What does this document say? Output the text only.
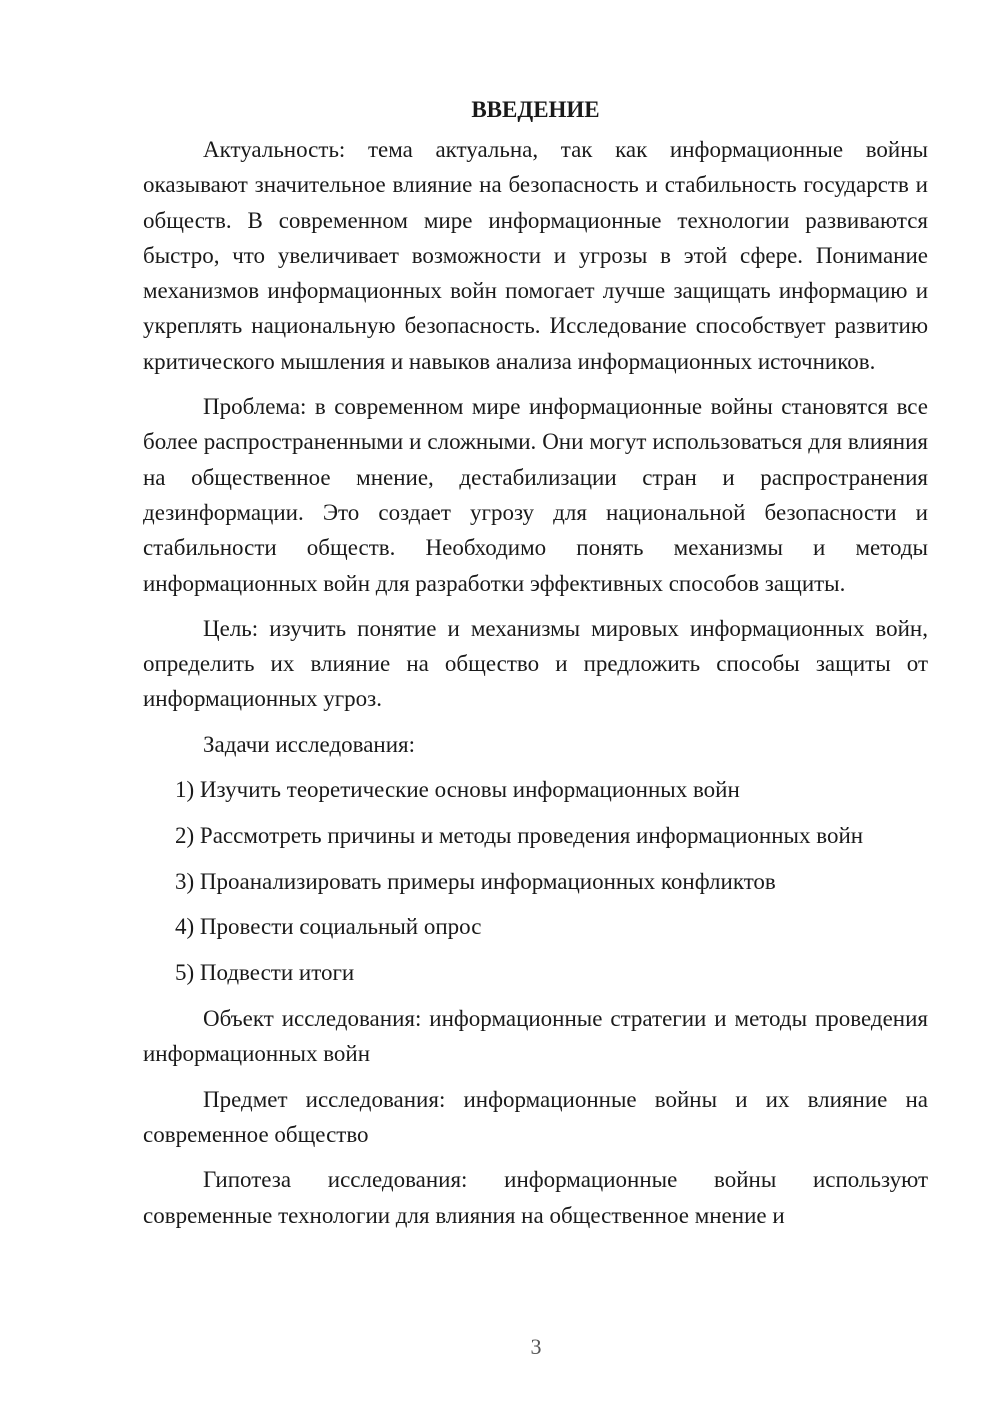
ВВЕДЕНИЕ

Актуальность: тема актуальна, так как информационные войны оказывают значительное влияние на безопасность и стабильность государств и обществ. В современном мире информационные технологии развиваются быстро, что увеличивает возможности и угрозы в этой сфере. Понимание механизмов информационных войн помогает лучше защищать информацию и укреплять национальную безопасность. Исследование способствует развитию критического мышления и навыков анализа информационных источников.

Проблема: в современном мире информационные войны становятся все более распространенными и сложными. Они могут использоваться для влияния на общественное мнение, дестабилизации стран и распространения дезинформации. Это создает угрозу для национальной безопасности и стабильности обществ. Необходимо понять механизмы и методы информационных войн для разработки эффективных способов защиты.

Цель: изучить понятие и механизмы мировых информационных войн, определить их влияние на общество и предложить способы защиты от информационных угроз.

Задачи исследования:

1) Изучить теоретические основы информационных войн
2) Рассмотреть причины и методы проведения информационных войн
3) Проанализировать примеры информационных конфликтов
4) Провести социальный опрос
5) Подвести итоги

Объект исследования: информационные стратегии и методы проведения информационных войн

Предмет исследования: информационные войны и их влияние на современное общество

Гипотеза исследования: информационные войны используют современные технологии для влияния на общественное мнение и

3
